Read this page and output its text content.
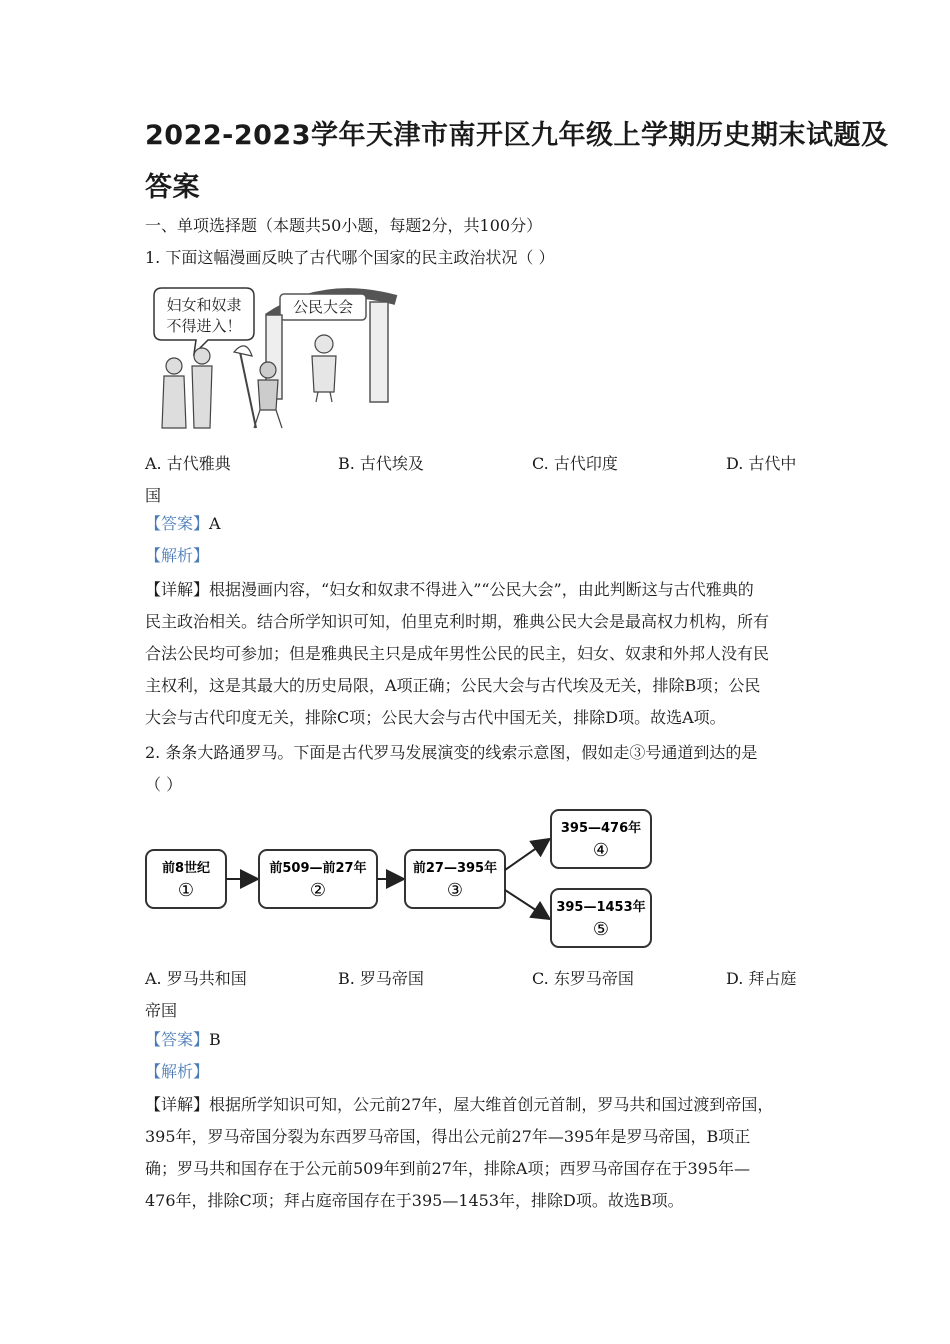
2022-2023学年天津市南开区九年级上学期历史期末试题及
答案
一、单项选择题（本题共50小题，每题2分，共100分）
1. 下面这幅漫画反映了古代哪个国家的民主政治状况（ ）
妇女和奴隶
不得进入！
公民大会
A. 古代雅典	B. 古代埃及	C. 古代印度	D. 古代中
国
【答案】A
【解析】
【详解】根据漫画内容，“妇女和奴隶不得进入”“公民大会”，由此判断这与古代雅典的
民主政治相关。结合所学知识可知，伯里克利时期，雅典公民大会是最高权力机构，所有
合法公民均可参加；但是雅典民主只是成年男性公民的民主，妇女、奴隶和外邦人没有民
主权利，这是其最大的历史局限，A项正确；公民大会与古代埃及无关，排除B项；公民
大会与古代印度无关，排除C项；公民大会与古代中国无关，排除D项。故选A项。
2. 条条大路通罗马。下面是古代罗马发展演变的线索示意图，假如走③号通道到达的是
（ ）
前8世纪
①
前509—前27年
②
前27—395年
③
395—476年
④
395—1453年
⑤
A. 罗马共和国	B. 罗马帝国	C. 东罗马帝国	D. 拜占庭
帝国
【答案】B
【解析】
【详解】根据所学知识可知，公元前27年，屋大维首创元首制，罗马共和国过渡到帝国，
395年，罗马帝国分裂为东西罗马帝国，得出公元前27年—395年是罗马帝国，B项正
确；罗马共和国存在于公元前509年到前27年，排除A项；西罗马帝国存在于395年—
476年，排除C项；拜占庭帝国存在于395—1453年，排除D项。故选B项。
